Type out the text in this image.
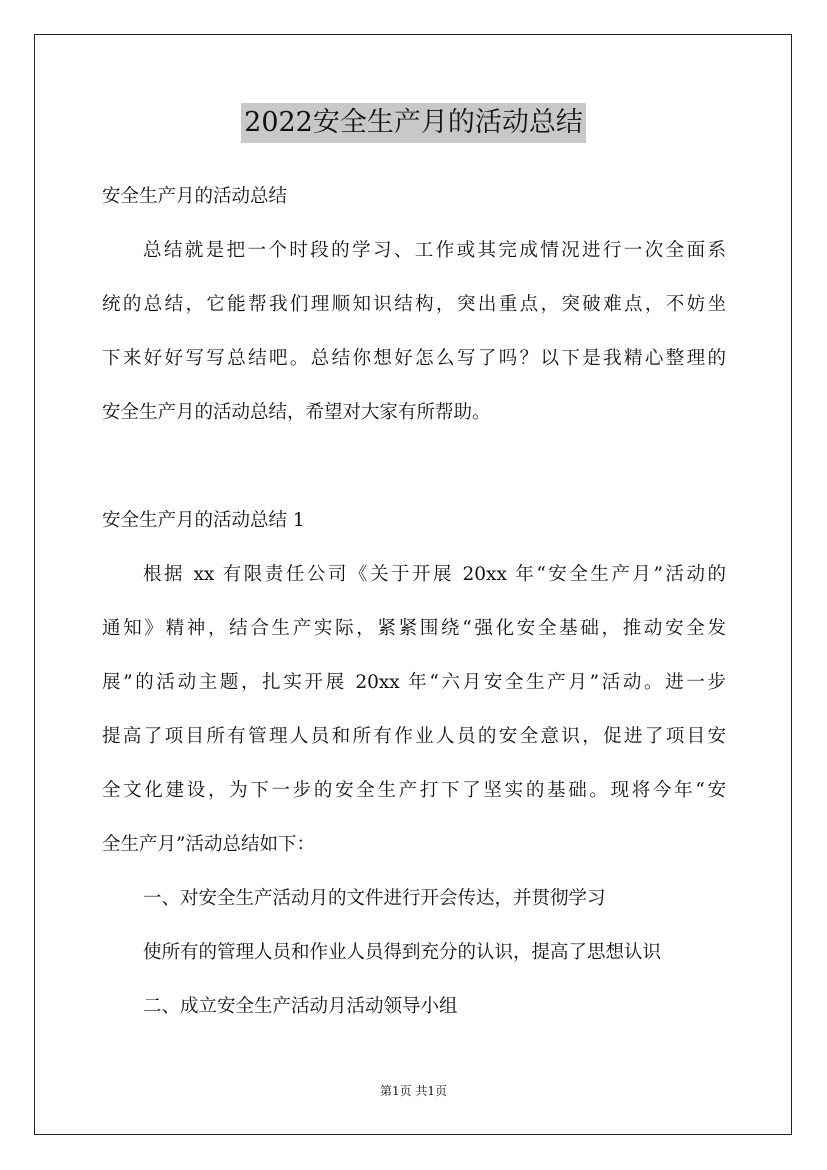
2022安全生产月的活动总结
安全生产月的活动总结
总结就是把一个时段的学习、工作或其完成情况进行一次全面系
统的总结，它能帮我们理顺知识结构，突出重点，突破难点，不妨坐
下来好好写写总结吧。总结你想好怎么写了吗？以下是我精心整理的
安全生产月的活动总结，希望对大家有所帮助。
安全生产月的活动总结 1
根据 xx 有限责任公司《关于开展 20xx 年“安全生产月”活动的
通知》精神，结合生产实际，紧紧围绕“强化安全基础，推动安全发
展”的活动主题，扎实开展 20xx 年“六月安全生产月”活动。进一步
提高了项目所有管理人员和所有作业人员的安全意识，促进了项目安
全文化建设，为下一步的安全生产打下了坚实的基础。现将今年“安
全生产月”活动总结如下：
一、对安全生产活动月的文件进行开会传达，并贯彻学习
使所有的管理人员和作业人员得到充分的认识，提高了思想认识
二、成立安全生产活动月活动领导小组
第1页 共1页
